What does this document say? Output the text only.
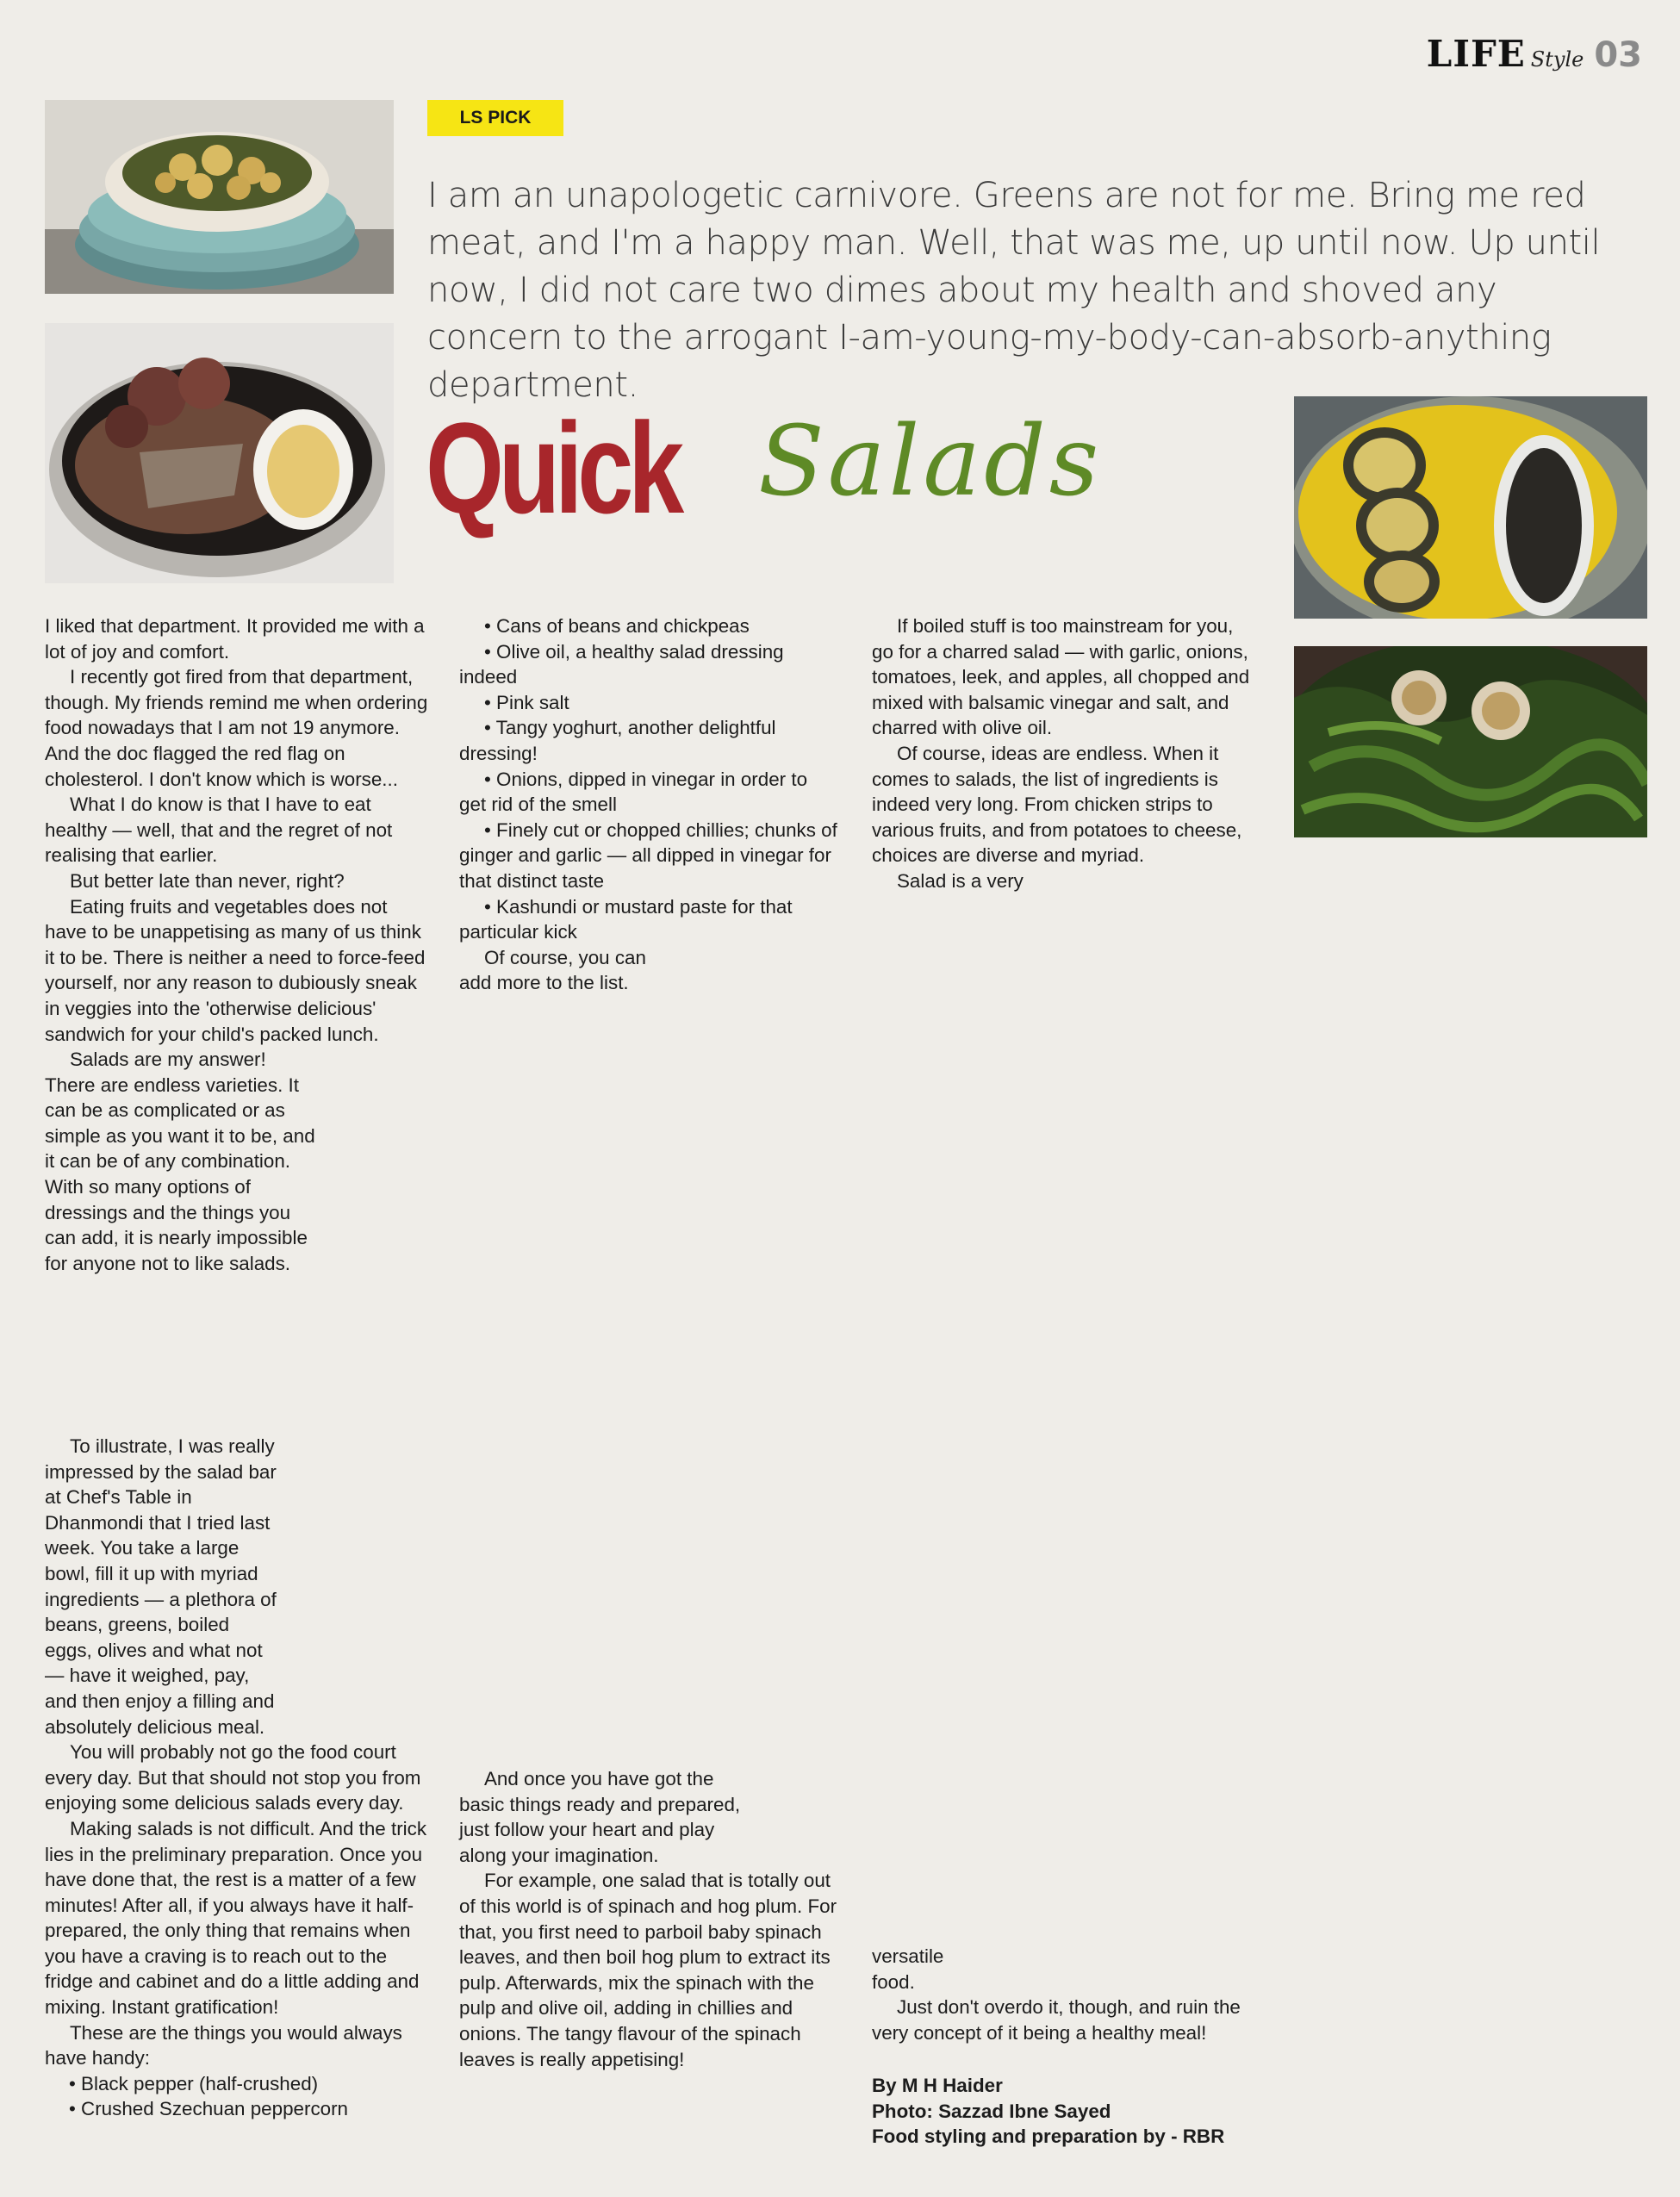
LIFE Style 03
LS PICK
I am an unapologetic carnivore. Greens are not for me. Bring me red meat, and I'm a happy man. Well, that was me, up until now. Up until now, I did not care two dimes about my health and shoved any concern to the arrogant I-am-young-my-body-can-absorb-anything department.
Quick Salads

I liked that department. It provided me with a lot of joy and comfort.

I recently got fired from that department, though. My friends remind me when ordering food nowadays that I am not 19 anymore. And the doc flagged the red flag on cholesterol. I don't know which is worse...

What I do know is that I have to eat healthy — well, that and the regret of not realising that earlier.

But better late than never, right?

Eating fruits and vegetables does not have to be unappetising as many of us think it to be. There is neither a need to force-feed yourself, nor any reason to dubiously sneak in veggies into the 'otherwise delicious' sandwich for your child's packed lunch.

Salads are my answer! There are endless varieties. It can be as complicated or as simple as you want it to be, and it can be of any combination. With so many options of dressings and the things you can add, it is nearly impossible for anyone not to like salads.

To illustrate, I was really impressed by the salad bar at Chef's Table in Dhanmondi that I tried last week. You take a large bowl, fill it up with myriad ingredients — a plethora of beans, greens, boiled eggs, olives and what not — have it weighed, pay, and then enjoy a filling and absolutely delicious meal.

You will probably not go the food court every day. But that should not stop you from enjoying some delicious salads every day.

Making salads is not difficult. And the trick lies in the preliminary preparation. Once you have done that, the rest is a matter of a few minutes! After all, if you always have it half-prepared, the only thing that remains when you have a craving is to reach out to the fridge and cabinet and do a little adding and mixing. Instant gratification!

These are the things you would always have handy:

• Black pepper (half-crushed)

• Crushed Szechuan peppercorn

• Cans of beans and chickpeas

• Olive oil, a healthy salad dressing indeed

• Pink salt

• Tangy yoghurt, another delightful dressing!

• Onions, dipped in vinegar in order to get rid of the smell

• Finely cut or chopped chillies; chunks of ginger and garlic — all dipped in vinegar for that distinct taste

• Kashundi or mustard paste for that particular kick

Of course, you can add more to the list.

And once you have got the basic things ready and prepared, just follow your heart and play along your imagination.

For example, one salad that is totally out of this world is of spinach and hog plum. For that, you first need to parboil baby spinach leaves, and then boil hog plum to extract its pulp. Afterwards, mix the spinach with the pulp and olive oil, adding in chillies and onions. The tangy flavour of the spinach leaves is really appetising!

If boiled stuff is too mainstream for you, go for a charred salad — with garlic, onions, tomatoes, leek, and apples, all chopped and mixed with balsamic vinegar and salt, and charred with olive oil.

Of course, ideas are endless. When it comes to salads, the list of ingredients is indeed very long. From chicken strips to various fruits, and from potatoes to cheese, choices are diverse and myriad.

Salad is a very

versatile food.

Just don't overdo it, though, and ruin the very concept of it being a healthy meal!

By M H Haider

Photo: Sazzad Ibne Sayed

Food styling and preparation by - RBR
